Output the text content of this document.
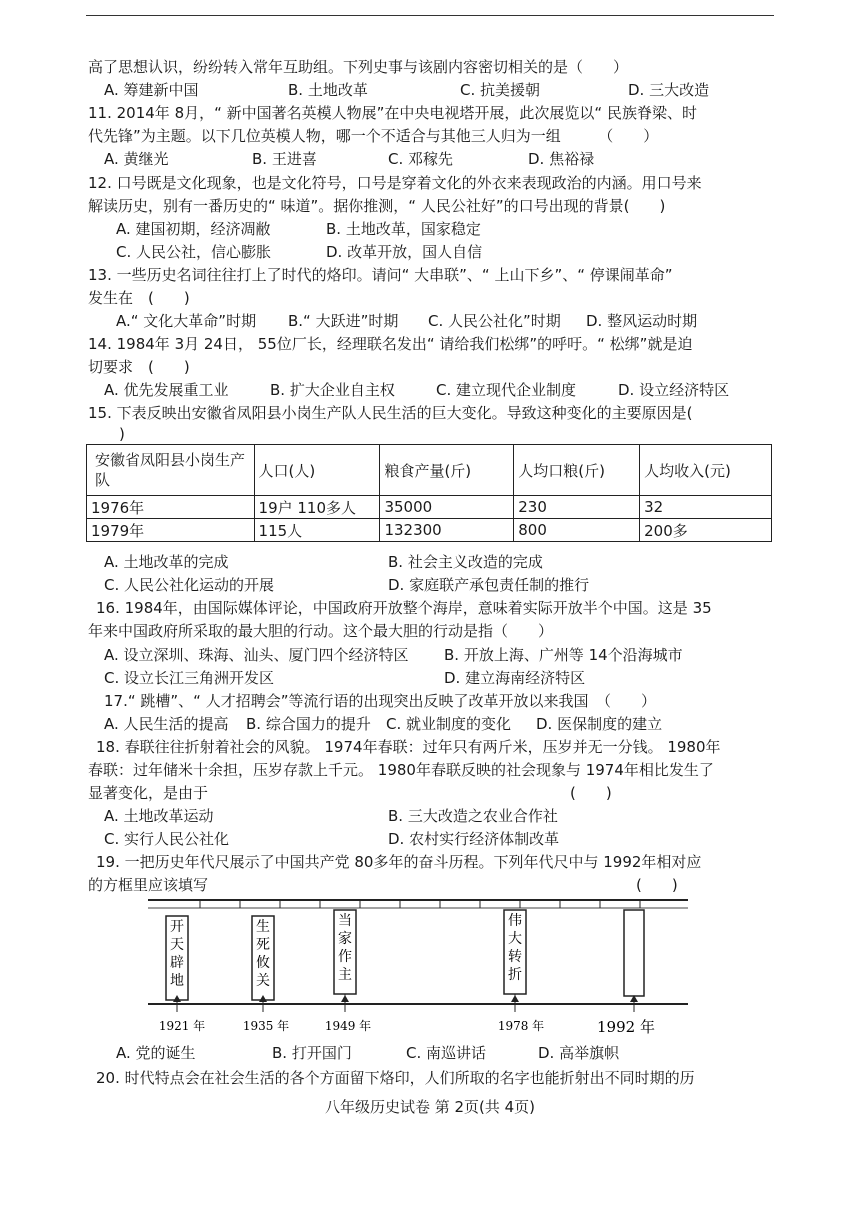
高了思想认识，纷纷转入常年互助组。下列史事与该剧内容密切相关的是（　　）
A. 筹建新中国	B. 土地改革	C. 抗美援朝	D. 三大改造
11. 2014年 8月，“ 新中国著名英模人物展”在中央电视塔开展，此次展览以“ 民族脊梁、时
代先锋”为主题。以下几位英模人物，哪一个不适合与其他三人归为一组　　　（　　）
A. 黄继光	B. 王进喜	C. 邓稼先	D. 焦裕禄
12. 口号既是文化现象，也是文化符号，口号是穿着文化的外衣来表现政治的内涵。用口号来
解读历史，别有一番历史的“ 味道”。据你推测，“ 人民公社好”的口号出现的背景(　　)
A. 建国初期，经济凋敝	B. 土地改革，国家稳定
C. 人民公社，信心膨胀	D. 改革开放，国人自信
13. 一些历史名词往往打上了时代的烙印。请问“ 大串联”、“ 上山下乡”、“ 停课闹革命”
发生在　(　　)
A.“ 文化大革命”时期 B.“ 大跃进”时期 C. 人民公社化”时期 D. 整风运动时期
14. 1984年 3月 24日， 55位厂长，经理联名发出“ 请给我们松绑”的呼吁。“ 松绑”就是迫
切要求　(　　)
A. 优先发展重工业	B. 扩大企业自主权	C. 建立现代企业制度	D. 设立经济特区
15. 下表反映出安徽省凤阳县小岗生产队人民生活的巨大变化。导致这种变化的主要原因是(
　)
安徽省凤阳县小岗生产队	人口(人)	粮食产量(斤)	人均口粮(斤)	人均收入(元)
1976年	19户 110多人	35000	230	32
1979年	115人	132300	800	200多
A. 土地改革的完成	B. 社会主义改造的完成
C. 人民公社化运动的开展	D. 家庭联产承包责任制的推行
16. 1984年，由国际媒体评论，中国政府开放整个海岸，意味着实际开放半个中国。这是 35
年来中国政府所采取的最大胆的行动。这个最大胆的行动是指（　　）
A. 设立深圳、珠海、汕头、厦门四个经济特区 B. 开放上海、广州等 14个沿海城市
C. 设立长江三角洲开发区	D. 建立海南经济特区
17.“ 跳槽”、“ 人才招聘会”等流行语的出现突出反映了改革开放以来我国　（　　）
A. 人民生活的提高 B. 综合国力的提升 C. 就业制度的变化 D. 医保制度的建立
18. 春联往往折射着社会的风貌。 1974年春联：过年只有两斤米，压岁并无一分钱。 1980年
春联：过年储米十余担，压岁存款上千元。 1980年春联反映的社会现象与 1974年相比发生了
显著变化，是由于	(　　)
A. 土地改革运动	B. 三大改造之农业合作社
C. 实行人民公社化	D. 农村实行经济体制改革
19. 一把历史年代尺展示了中国共产党 80多年的奋斗历程。下列年代尺中与 1992年相对应
的方框里应该填写	(　　)
开
天
辟
地
1921 年
生
死
攸
关
1935 年
当
家
作
主
1949 年
伟
大
转
折
1978 年	1992 年
A. 党的诞生	B. 打开国门	C. 南巡讲话	D. 高举旗帜
20. 时代特点会在社会生活的各个方面留下烙印，人们所取的名字也能折射出不同时期的历
八年级历史试卷 第 2页(共 4页)
